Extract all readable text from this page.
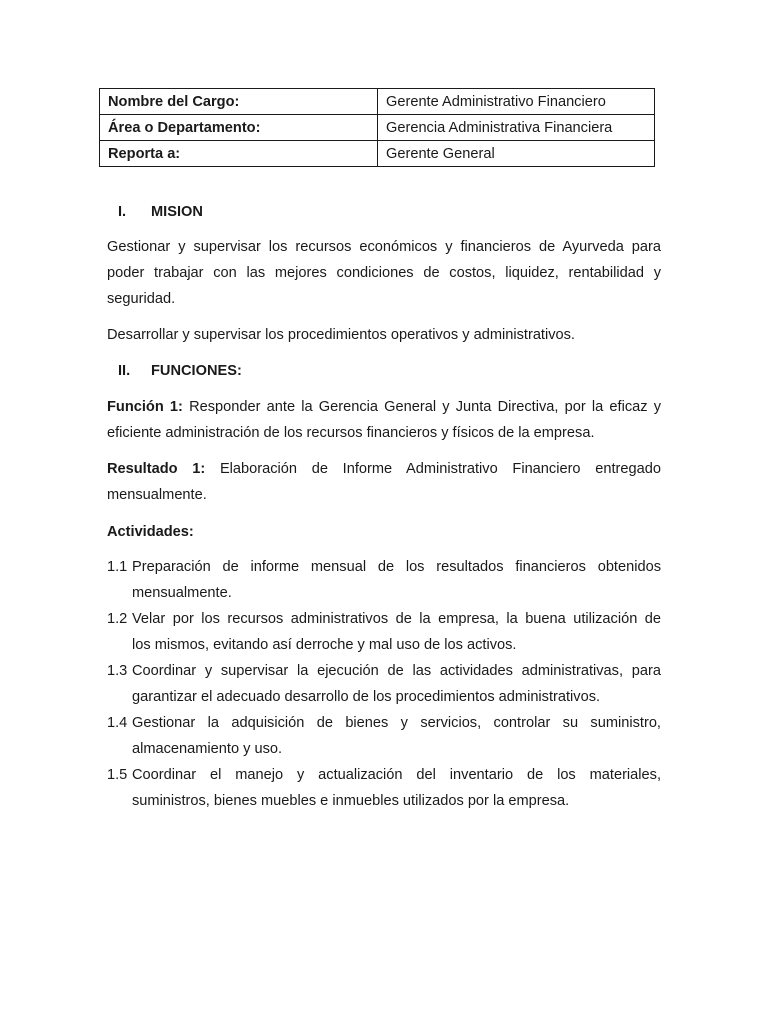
Nombre del Cargo:	Gerente Administrativo Financiero
Área o Departamento:	Gerencia Administrativa Financiera
Reporta a:	Gerente General
I. MISION
Gestionar y supervisar los recursos económicos y financieros de Ayurveda para
poder trabajar con las mejores condiciones de costos, liquidez, rentabilidad y
seguridad.
Desarrollar y supervisar los procedimientos operativos y administrativos.
II. FUNCIONES:
Función 1: Responder ante la Gerencia General y Junta Directiva, por la eficaz y
eficiente administración de los recursos financieros y físicos de la empresa.
Resultado 1: Elaboración de Informe Administrativo Financiero entregado
mensualmente.
Actividades:
1.1 Preparación de informe mensual de los resultados financieros obtenidos
mensualmente.
1.2 Velar por los recursos administrativos de la empresa, la buena utilización de
los mismos, evitando así derroche y mal uso de los activos.
1.3 Coordinar y supervisar la ejecución de las actividades administrativas, para
garantizar el adecuado desarrollo de los procedimientos administrativos.
1.4 Gestionar la adquisición de bienes y servicios, controlar su suministro,
almacenamiento y uso.
1.5 Coordinar el manejo y actualización del inventario de los materiales,
suministros, bienes muebles e inmuebles utilizados por la empresa.
